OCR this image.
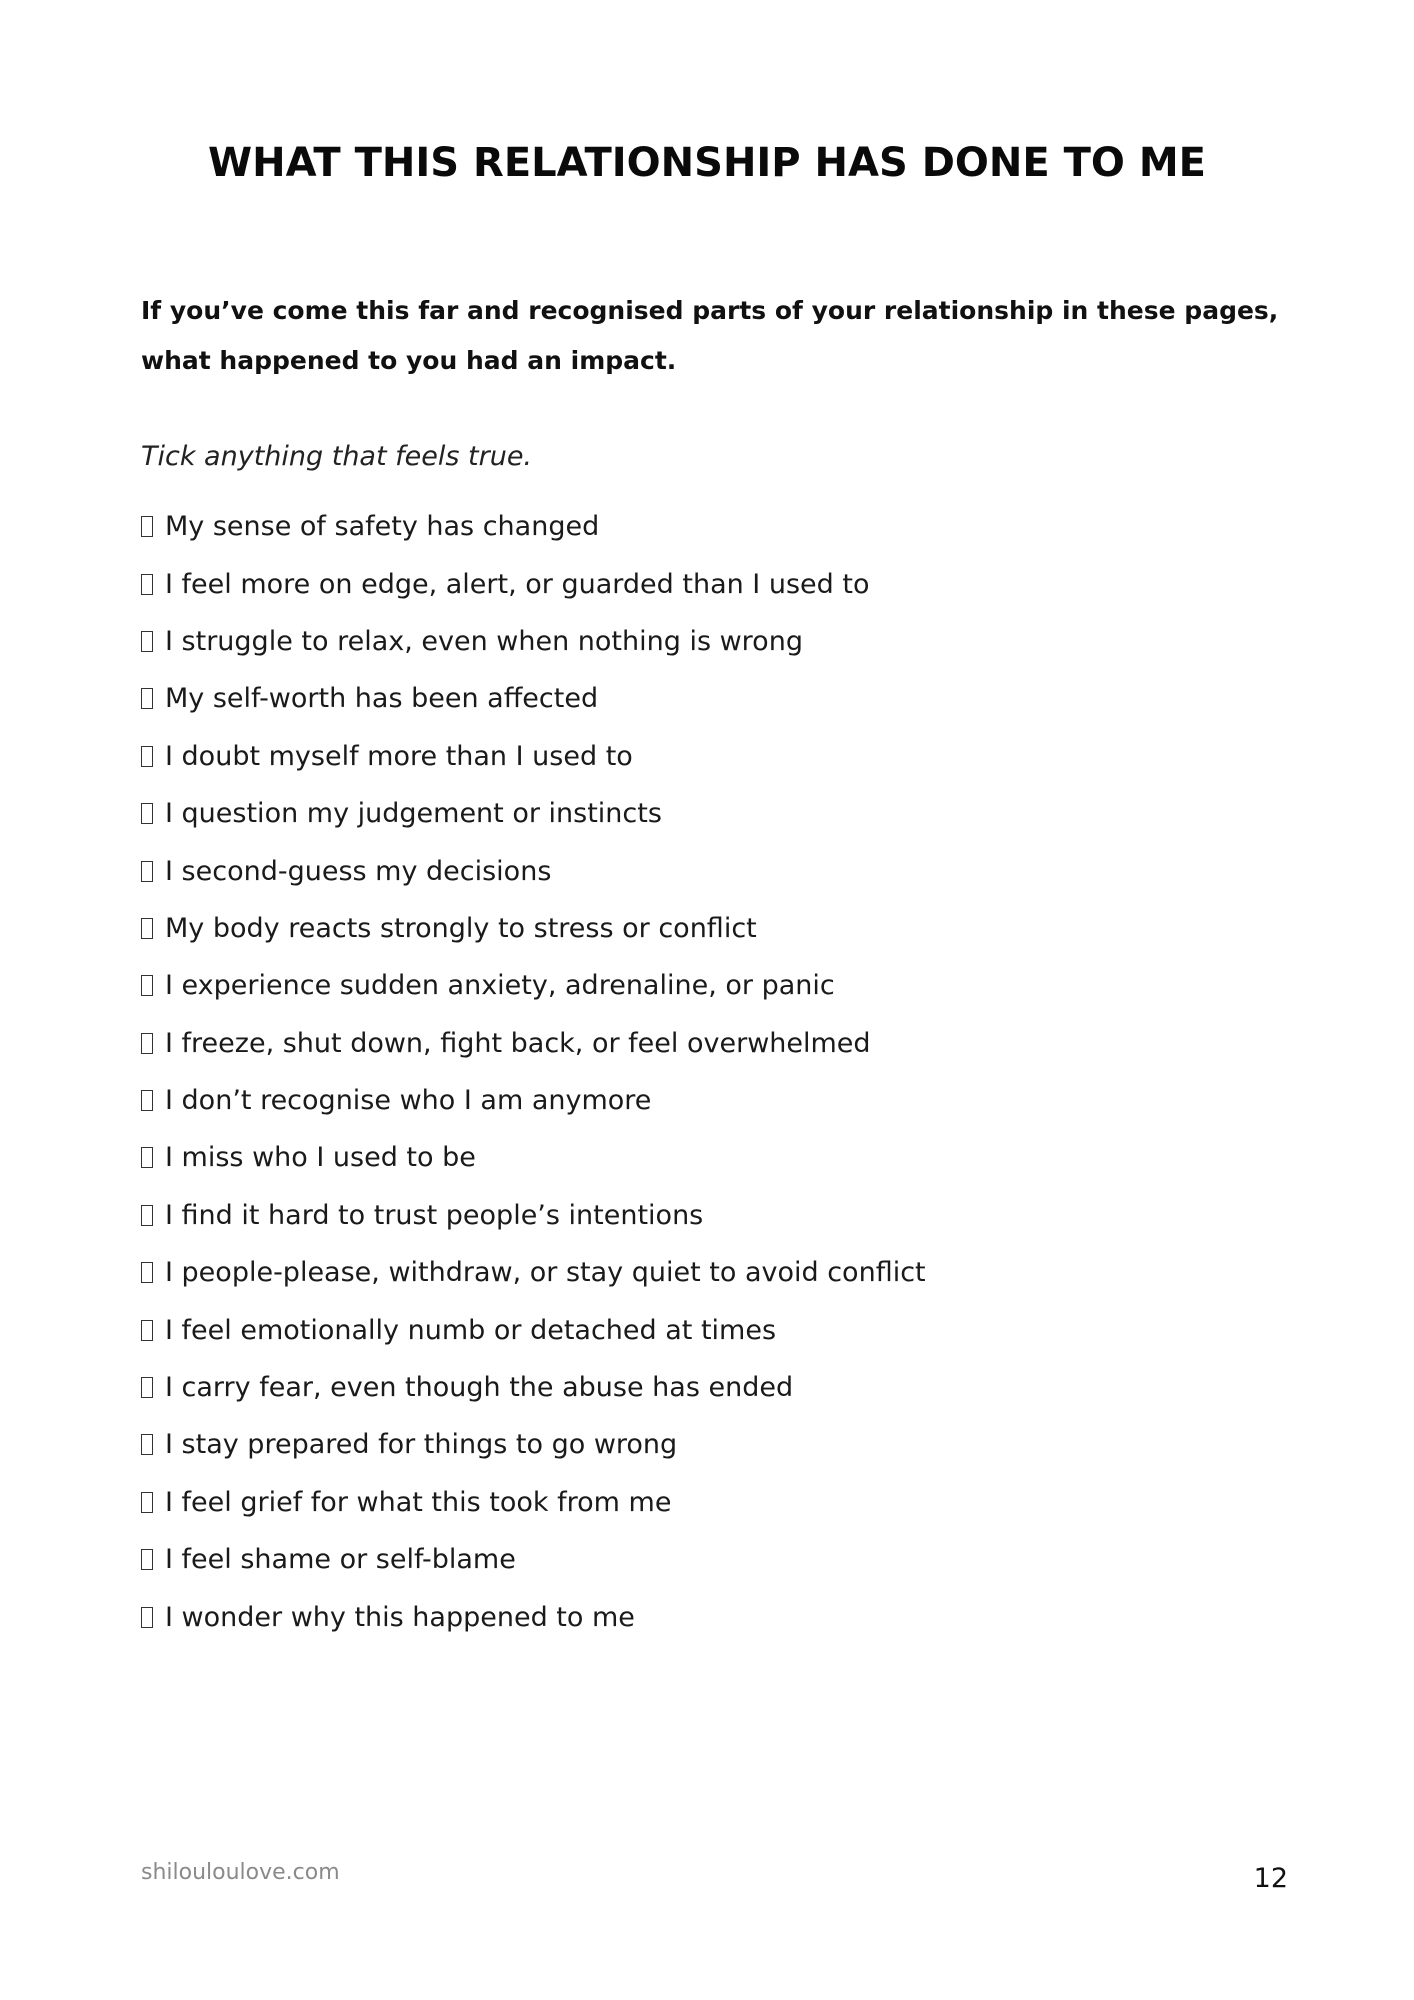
WHAT THIS RELATIONSHIP HAS DONE TO ME
If you’ve come this far and recognised parts of your relationship in these pages,
what happened to you had an impact.
Tick anything that feels true.
My sense of safety has changed
I feel more on edge, alert, or guarded than I used to
I struggle to relax, even when nothing is wrong
My self-worth has been affected
I doubt myself more than I used to
I question my judgement or instincts
I second-guess my decisions
My body reacts strongly to stress or conflict
I experience sudden anxiety, adrenaline, or panic
I freeze, shut down, fight back, or feel overwhelmed
I don’t recognise who I am anymore
I miss who I used to be
I find it hard to trust people’s intentions
I people-please, withdraw, or stay quiet to avoid conflict
I feel emotionally numb or detached at times
I carry fear, even though the abuse has ended
I stay prepared for things to go wrong
I feel grief for what this took from me
I feel shame or self-blame
I wonder why this happened to me
shilouloulove.com	12
